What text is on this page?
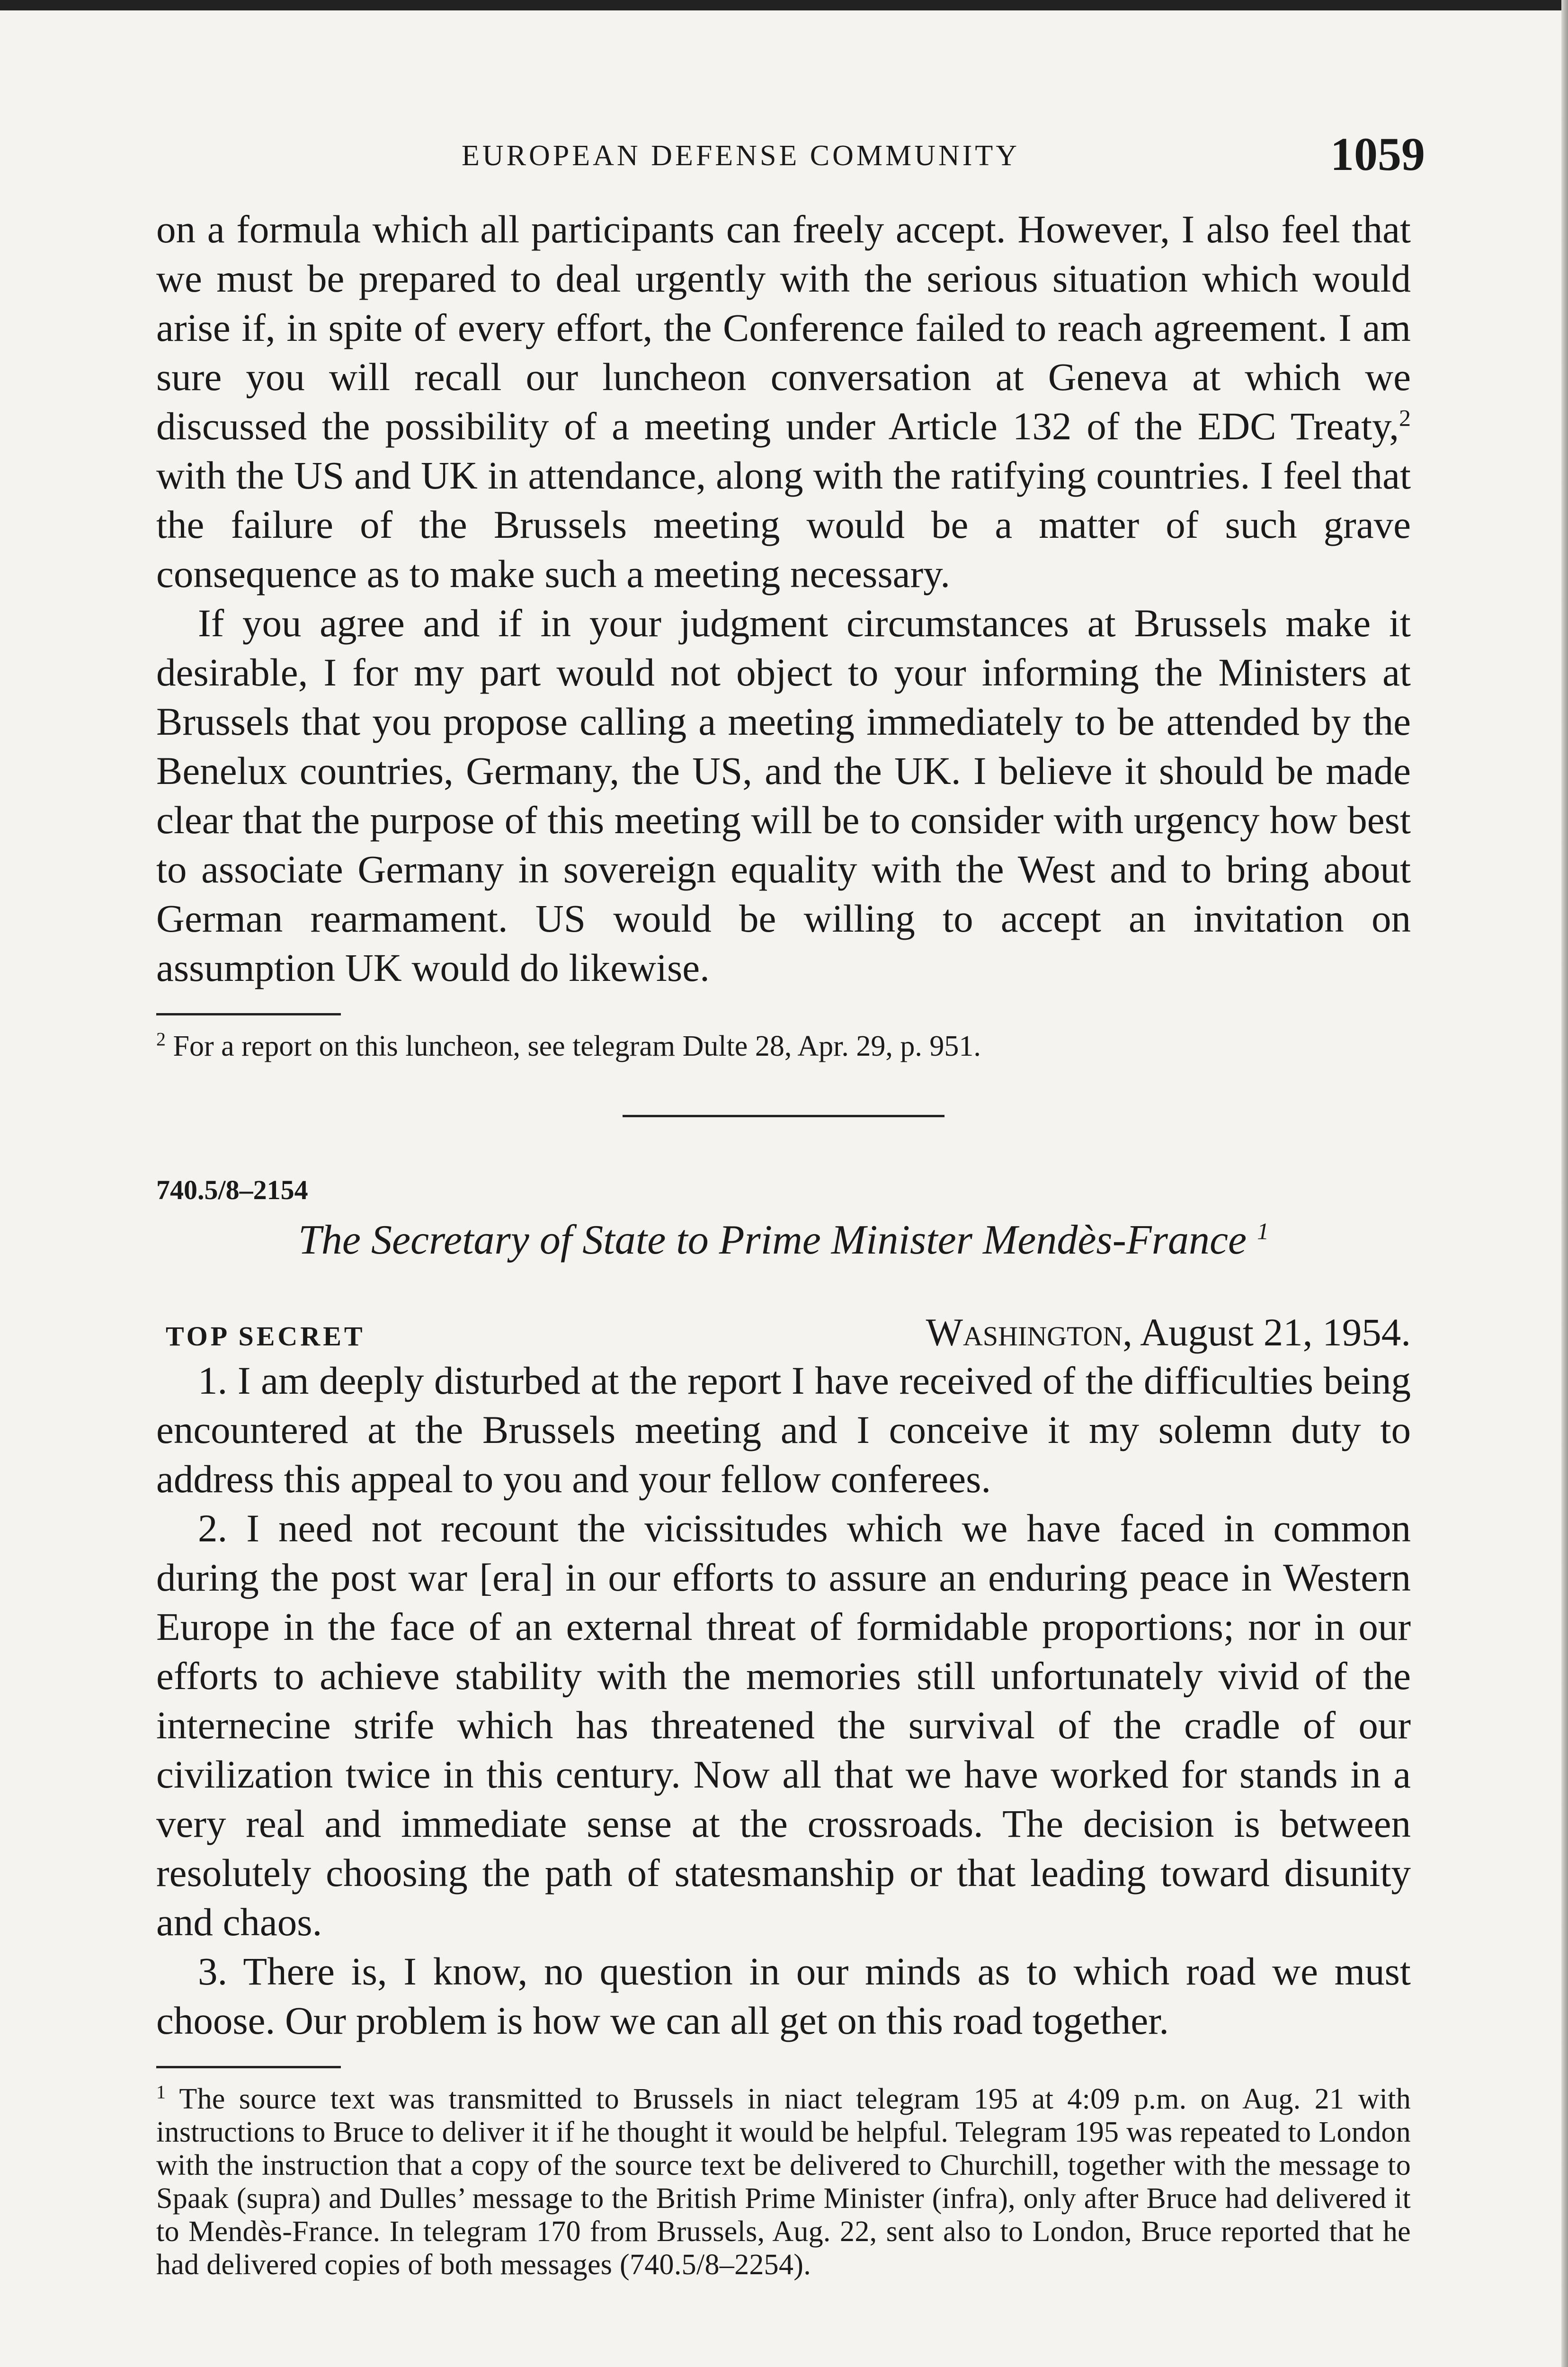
EUROPEAN DEFENSE COMMUNITY	1059

on a formula which all participants can freely accept. However, I also feel that we must be prepared to deal urgently with the serious situation which would arise if, in spite of every effort, the Conference failed to reach agreement. I am sure you will recall our luncheon conversation at Geneva at which we discussed the possibility of a meeting under Article 132 of the EDC Treaty,$^2$ with the US and UK in attendance, along with the ratifying countries. I feel that the failure of the Brussels meeting would be a matter of such grave consequence as to make such a meeting necessary.

If you agree and if in your judgment circumstances at Brussels make it desirable, I for my part would not object to your informing the Ministers at Brussels that you propose calling a meeting immediately to be attended by the Benelux countries, Germany, the US, and the UK. I believe it should be made clear that the purpose of this meeting will be to consider with urgency how best to associate Germany in sovereign equality with the West and to bring about German rearmament. US would be willing to accept an invitation on assumption UK would do likewise.

$^2$ For a report on this luncheon, see telegram Dulte 28, Apr. 29, p. 951.

740.5/8–2154
The Secretary of State to Prime Minister Mendès-France $^1$
TOP SECRET	Washington, August 21, 1954.

1. I am deeply disturbed at the report I have received of the difficulties being encountered at the Brussels meeting and I conceive it my solemn duty to address this appeal to you and your fellow conferees.

2. I need not recount the vicissitudes which we have faced in common during the post war [era] in our efforts to assure an enduring peace in Western Europe in the face of an external threat of formidable proportions; nor in our efforts to achieve stability with the memories still unfortunately vivid of the internecine strife which has threatened the survival of the cradle of our civilization twice in this century. Now all that we have worked for stands in a very real and immediate sense at the crossroads. The decision is between resolutely choosing the path of statesmanship or that leading toward disunity and chaos.

3. There is, I know, no question in our minds as to which road we must choose. Our problem is how we can all get on this road together.

$^1$ The source text was transmitted to Brussels in niact telegram 195 at 4:09 p.m. on Aug. 21 with instructions to Bruce to deliver it if he thought it would be helpful. Telegram 195 was repeated to London with the instruction that a copy of the source text be delivered to Churchill, together with the message to Spaak (supra) and Dulles’ message to the British Prime Minister (infra), only after Bruce had delivered it to Mendès-France. In telegram 170 from Brussels, Aug. 22, sent also to London, Bruce reported that he had delivered copies of both messages (740.5/8–2254).
